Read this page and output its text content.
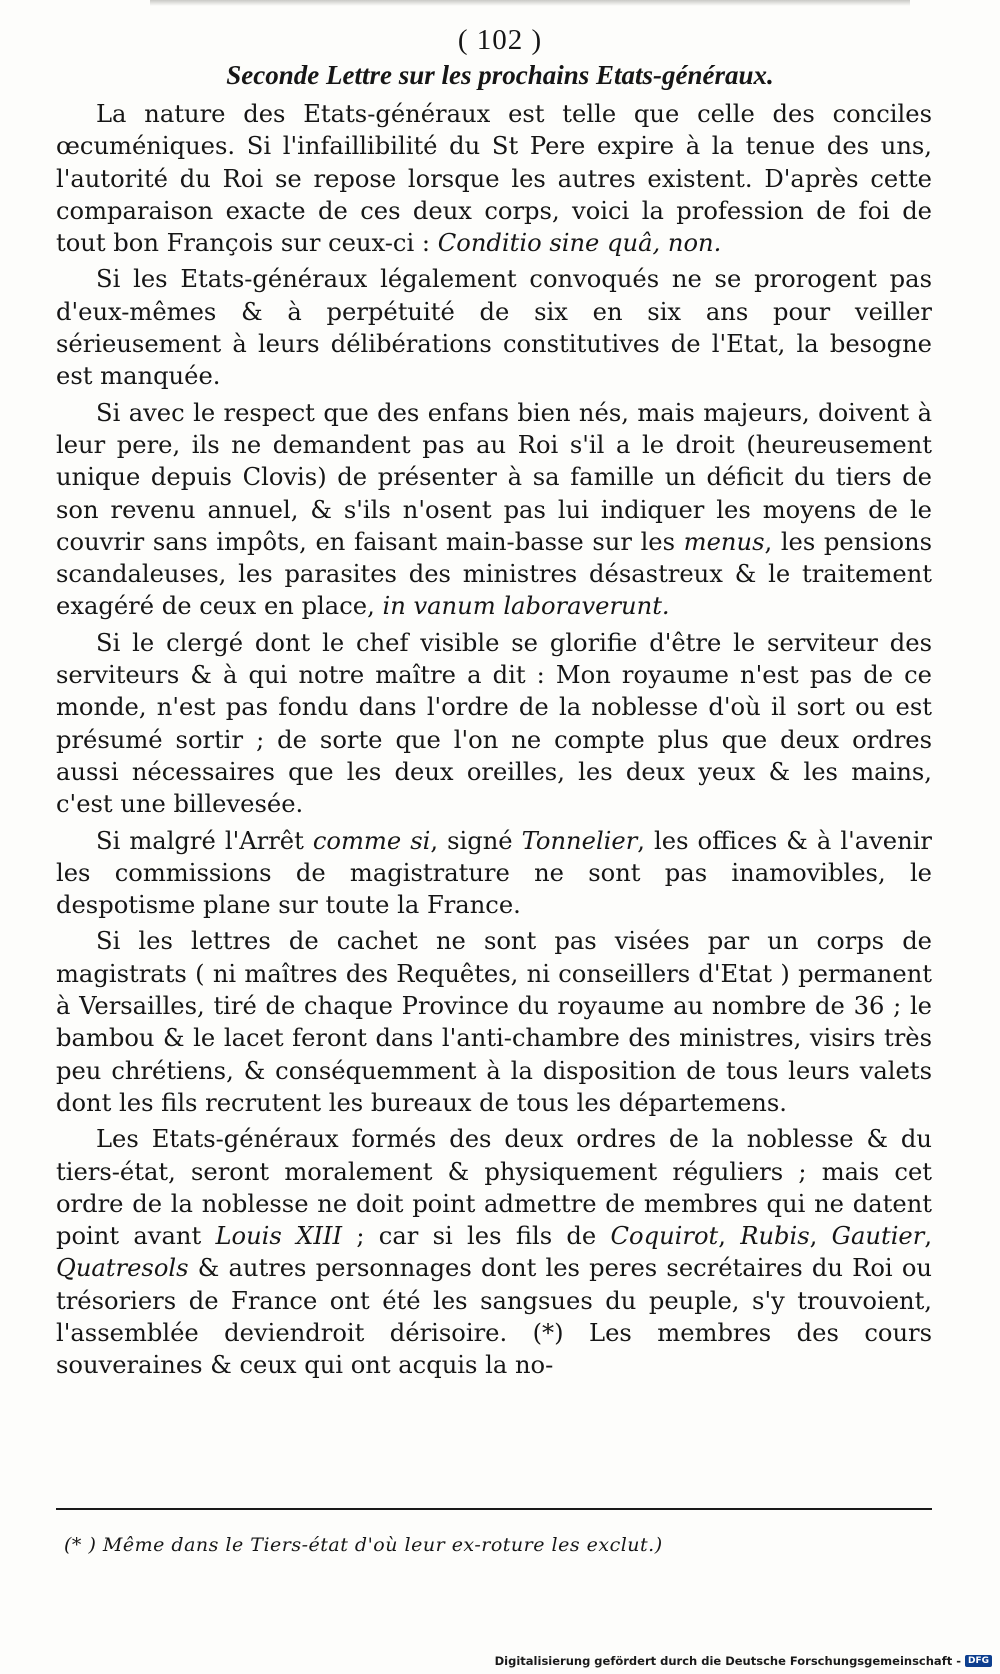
( 102 )
Seconde Lettre sur les prochains Etats-généraux.

La nature des Etats-généraux est telle que celle des conciles œcuméniques. Si l'infaillibilité du St Pere expire à la tenue des uns, l'autorité du Roi se repose lorsque les autres existent. D'après cette comparaison exacte de ces deux corps, voici la profession de foi de tout bon François sur ceux-ci : Conditio sine quâ, non.

Si les Etats-généraux légalement convoqués ne se prorogent pas d'eux-mêmes & à perpétuité de six en six ans pour veiller sérieusement à leurs délibérations constitutives de l'Etat, la besogne est manquée.

Si avec le respect que des enfans bien nés, mais majeurs, doivent à leur pere, ils ne demandent pas au Roi s'il a le droit (heureusement unique depuis Clovis) de présenter à sa famille un déficit du tiers de son revenu annuel, & s'ils n'osent pas lui indiquer les moyens de le couvrir sans impôts, en faisant main-basse sur les menus, les pensions scandaleuses, les parasites des ministres désastreux & le traitement exagéré de ceux en place, in vanum laboraverunt.

Si le clergé dont le chef visible se glorifie d'être le serviteur des serviteurs & à qui notre maître a dit : Mon royaume n'est pas de ce monde, n'est pas fondu dans l'ordre de la noblesse d'où il sort ou est présumé sortir ; de sorte que l'on ne compte plus que deux ordres aussi nécessaires que les deux oreilles, les deux yeux & les mains, c'est une billevesée.

Si malgré l'Arrêt comme si, signé Tonnelier, les offices & à l'avenir les commissions de magistrature ne sont pas inamovibles, le despotisme plane sur toute la France.

Si les lettres de cachet ne sont pas visées par un corps de magistrats ( ni maîtres des Requêtes, ni conseillers d'Etat ) permanent à Versailles, tiré de chaque Province du royaume au nombre de 36 ; le bambou & le lacet feront dans l'anti-chambre des ministres, visirs très peu chrétiens, & conséquemment à la disposition de tous leurs valets dont les fils recrutent les bureaux de tous les départemens.

Les Etats-généraux formés des deux ordres de la noblesse & du tiers-état, seront moralement & physiquement réguliers ; mais cet ordre de la noblesse ne doit point admettre de membres qui ne datent point avant Louis XIII ; car si les fils de Coquirot, Rubis, Gautier, Quatresols & autres personnages dont les peres secrétaires du Roi ou trésoriers de France ont été les sangsues du peuple, s'y trouvoient, l'assemblée deviendroit dérisoire. (*) Les membres des cours souveraines & ceux qui ont acquis la no-

(* ) Même dans le Tiers-état d'où leur ex-roture les exclut.)
Digitalisierung gefördert durch die Deutsche Forschungsgemeinschaft - DFG
